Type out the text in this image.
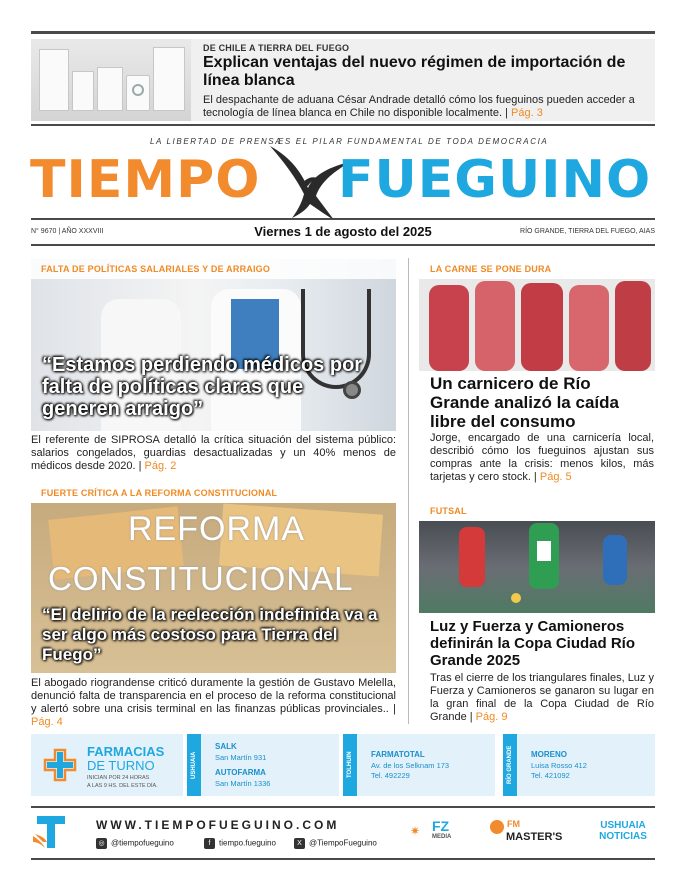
DE CHILE A TIERRA DEL FUEGO
Explican ventajas del nuevo régimen de importación de línea blanca
El despachante de aduana César Andrade detalló cómo los fueguinos pueden acceder a tecnología de línea blanca en Chile no disponible localmente. | Pág. 3
LA LIBERTAD DE PRENSA
ES EL PILAR FUNDAMENTAL DE TODA DEMOCRACIA
TIEMPO FUEGUINO
N° 9670 | AÑO XXXVIII	Viernes 1 de agosto del 2025	RÍO GRANDE, TIERRA DEL FUEGO, AIAS
FALTA DE POLÍTICAS SALARIALES Y DE ARRAIGO
“Estamos perdiendo médicos por falta de políticas claras que generen arraigo”
El referente de SIPROSA detalló la crítica situación del sistema público: salarios congelados, guardias desactualizadas y un 40% menos de médicos desde 2020. | Pág. 2
LA CARNE SE PONE DURA
Un carnicero de Río Grande analizó la caída libre del consumo
Jorge, encargado de una carnicería local, describió cómo los fueguinos ajustan sus compras ante la crisis: menos kilos, más tarjetas y cero stock. | Pág. 5
FUERTE CRÍTICA A LA REFORMA CONSTITUCIONAL
REFORMA
CONSTITUCIONAL
“El delirio de la reelección indefinida va a ser algo más costoso para Tierra del Fuego”
El abogado riograndense criticó duramente la gestión de Gustavo Melella, denunció falta de transparencia en el proceso de la reforma constitucional y alertó sobre una crisis terminal en las finanzas públicas provinciales.. | Pág. 4
FUTSAL
Luz y Fuerza y Camioneros definirán la Copa Ciudad Río Grande 2025
Tras el cierre de los triangulares finales, Luz y Fuerza y Camioneros se ganaron su lugar en la gran final de la Copa Ciudad de Río Grande | Pág. 9
FARMACIAS
DE TURNO
INICIAN POR 24 HORAS
A LAS 9 HS. DEL ESTE DÍA.
USHUAIA
SALK
San Martín 931
AUTOFARMA
San Martín 1336
TOLHUIN	FARMATOTAL
Av. de los Selknam 173
Tel. 492229	RÍO GRANDE	MORENO
Luisa Rosso 412
Tel. 421092
WWW.TIEMPOFUEGUINO.COM
◎ @tiempofueguino	f tiempo.fueguino	X @TiempoFueguino
✷ FZ
MEDIA
FM
MASTER'S
USHUAIA
NOTICIAS
